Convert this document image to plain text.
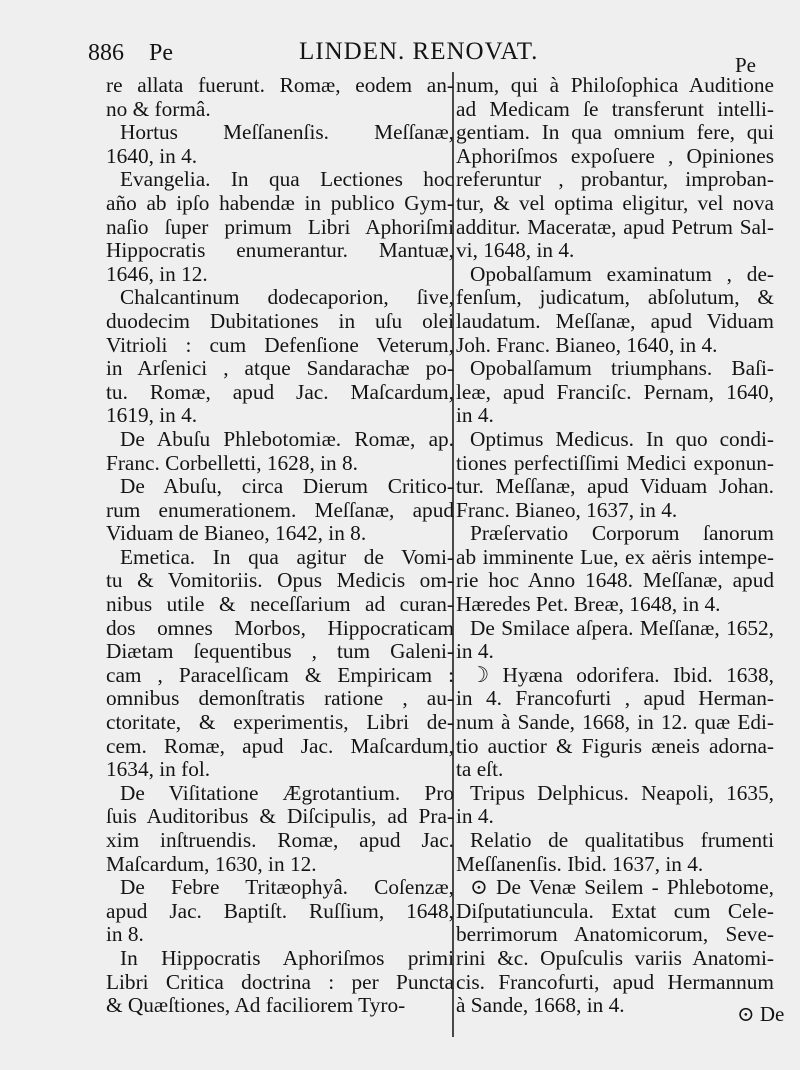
886 Pe	LINDEN. RENOVAT.	Pe
re allata fuerunt. Romæ, eodem an-
no & formâ.
Hortus Meſſanenſis. Meſſanæ,
1640, in 4.
Evangelia. In qua Lectiones hoc
año ab ipſo habendæ in publico Gym-
naſio ſuper primum Libri Aphoriſmi
Hippocratis enumerantur. Mantuæ,
1646, in 12.
Chalcantinum dodecaporion, ſive,
duodecim Dubitationes in uſu olei
Vitrioli : cum Defenſione Veterum,
in Arſenici , atque Sandarachæ po-
tu. Romæ, apud Jac. Maſcardum,
1619, in 4.
De Abuſu Phlebotomiæ. Romæ, ap.
Franc. Corbelletti, 1628, in 8.
De Abuſu, circa Dierum Critico-
rum enumerationem. Meſſanæ, apud
Viduam de Bianeo, 1642, in 8.
Emetica. In qua agitur de Vomi-
tu & Vomitoriis. Opus Medicis om-
nibus utile & neceſſarium ad curan-
dos omnes Morbos, Hippocraticam
Diætam ſequentibus , tum Galeni-
cam , Paracelſicam & Empiricam :
omnibus demonſtratis ratione , au-
ctoritate, & experimentis, Libri de-
cem. Romæ, apud Jac. Maſcardum,
1634, in fol.
De Viſitatione Ægrotantium. Pro
ſuis Auditoribus & Diſcipulis, ad Pra-
xim inſtruendis. Romæ, apud Jac.
Maſcardum, 1630, in 12.
De Febre Tritæophyâ. Coſenzæ,
apud Jac. Baptiſt. Ruſſium, 1648,
in 8.
In Hippocratis Aphoriſmos primi
Libri Critica doctrina : per Puncta
& Quæſtiones, Ad faciliorem Tyro-
num, qui à Philoſophica Auditione
ad Medicam ſe transferunt intelli-
gentiam. In qua omnium fere, qui
Aphoriſmos expoſuere , Opiniones
referuntur , probantur, improban-
tur, & vel optima eligitur, vel nova
additur. Maceratæ, apud Petrum Sal-
vi, 1648, in 4.
Opobalſamum examinatum , de-
fenſum, judicatum, abſolutum, &
laudatum. Meſſanæ, apud Viduam
Joh. Franc. Bianeo, 1640, in 4.
Opobalſamum triumphans. Baſi-
leæ, apud Franciſc. Pernam, 1640,
in 4.
Optimus Medicus. In quo condi-
tiones perfectiſſimi Medici exponun-
tur. Meſſanæ, apud Viduam Johan.
Franc. Bianeo, 1637, in 4.
Præſervatio Corporum ſanorum
ab imminente Lue, ex aëris intempe-
rie hoc Anno 1648. Meſſanæ, apud
Hæredes Pet. Breæ, 1648, in 4.
De Smilace aſpera. Meſſanæ, 1652,
in 4.
☽ Hyæna odorifera. Ibid. 1638,
in 4. Francofurti , apud Herman-
num à Sande, 1668, in 12. quæ Edi-
tio auctior & Figuris æneis adorna-
ta eſt.
Tripus Delphicus. Neapoli, 1635,
in 4.
Relatio de qualitatibus frumenti
Meſſanenſis. Ibid. 1637, in 4.
⊙ De Venæ Seilem - Phlebotome,
Diſputatiuncula. Extat cum Cele-
berrimorum Anatomicorum, Seve-
rini &c. Opuſculis variis Anatomi-
cis. Francofurti, apud Hermannum
à Sande, 1668, in 4.	⊙ De
